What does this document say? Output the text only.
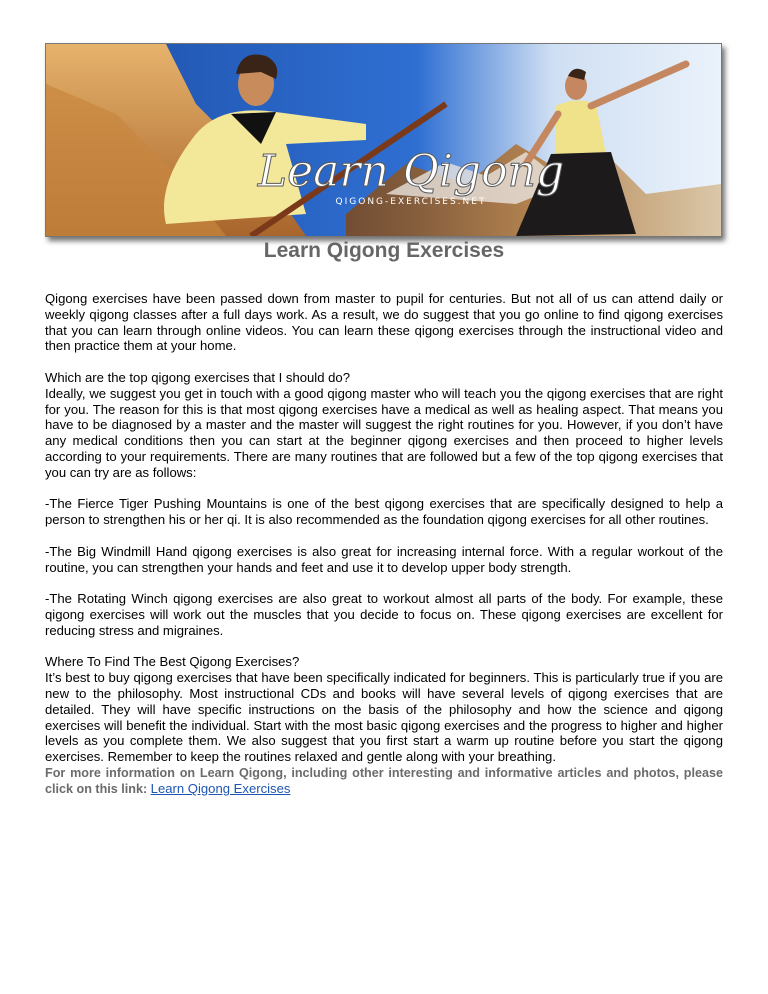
Learn Qigong
QIGONG-EXERCISES.NET
Learn Qigong Exercises

Qigong exercises have been passed down from master to pupil for centuries. But not all of us can attend daily or weekly qigong classes after a full days work. As a result, we do suggest that you go online to find qigong exercises that you can learn through online videos. You can learn these qigong exercises through the instructional video and then practice them at your home.

Which are the top qigong exercises that I should do?

Ideally, we suggest you get in touch with a good qigong master who will teach you the qigong exercises that are right for you. The reason for this is that most qigong exercises have a medical as well as healing aspect. That means you have to be diagnosed by a master and the master will suggest the right routines for you. However, if you don’t have any medical conditions then you can start at the beginner qigong exercises and then proceed to higher levels according to your requirements. There are many routines that are followed but a few of the top qigong exercises that you can try are as follows:

-The Fierce Tiger Pushing Mountains is one of the best qigong exercises that are specifically designed to help a person to strengthen his or her qi. It is also recommended as the foundation qigong exercises for all other routines.

-The Big Windmill Hand qigong exercises is also great for increasing internal force. With a regular workout of the routine, you can strengthen your hands and feet and use it to develop upper body strength.

-The Rotating Winch qigong exercises are also great to workout almost all parts of the body. For example, these qigong exercises will work out the muscles that you decide to focus on. These qigong exercises are excellent for reducing stress and migraines.

Where To Find The Best Qigong Exercises?

It’s best to buy qigong exercises that have been specifically indicated for beginners. This is particularly true if you are new to the philosophy. Most instructional CDs and books will have several levels of qigong exercises that are detailed. They will have specific instructions on the basis of the philosophy and how the science and qigong exercises will benefit the individual. Start with the most basic qigong exercises and the progress to higher and higher levels as you complete them. We also suggest that you first start a warm up routine before you start the qigong exercises. Remember to keep the routines relaxed and gentle along with your breathing.

For more information on Learn Qigong, including other interesting and informative articles and photos, please click on this link: Learn Qigong Exercises
